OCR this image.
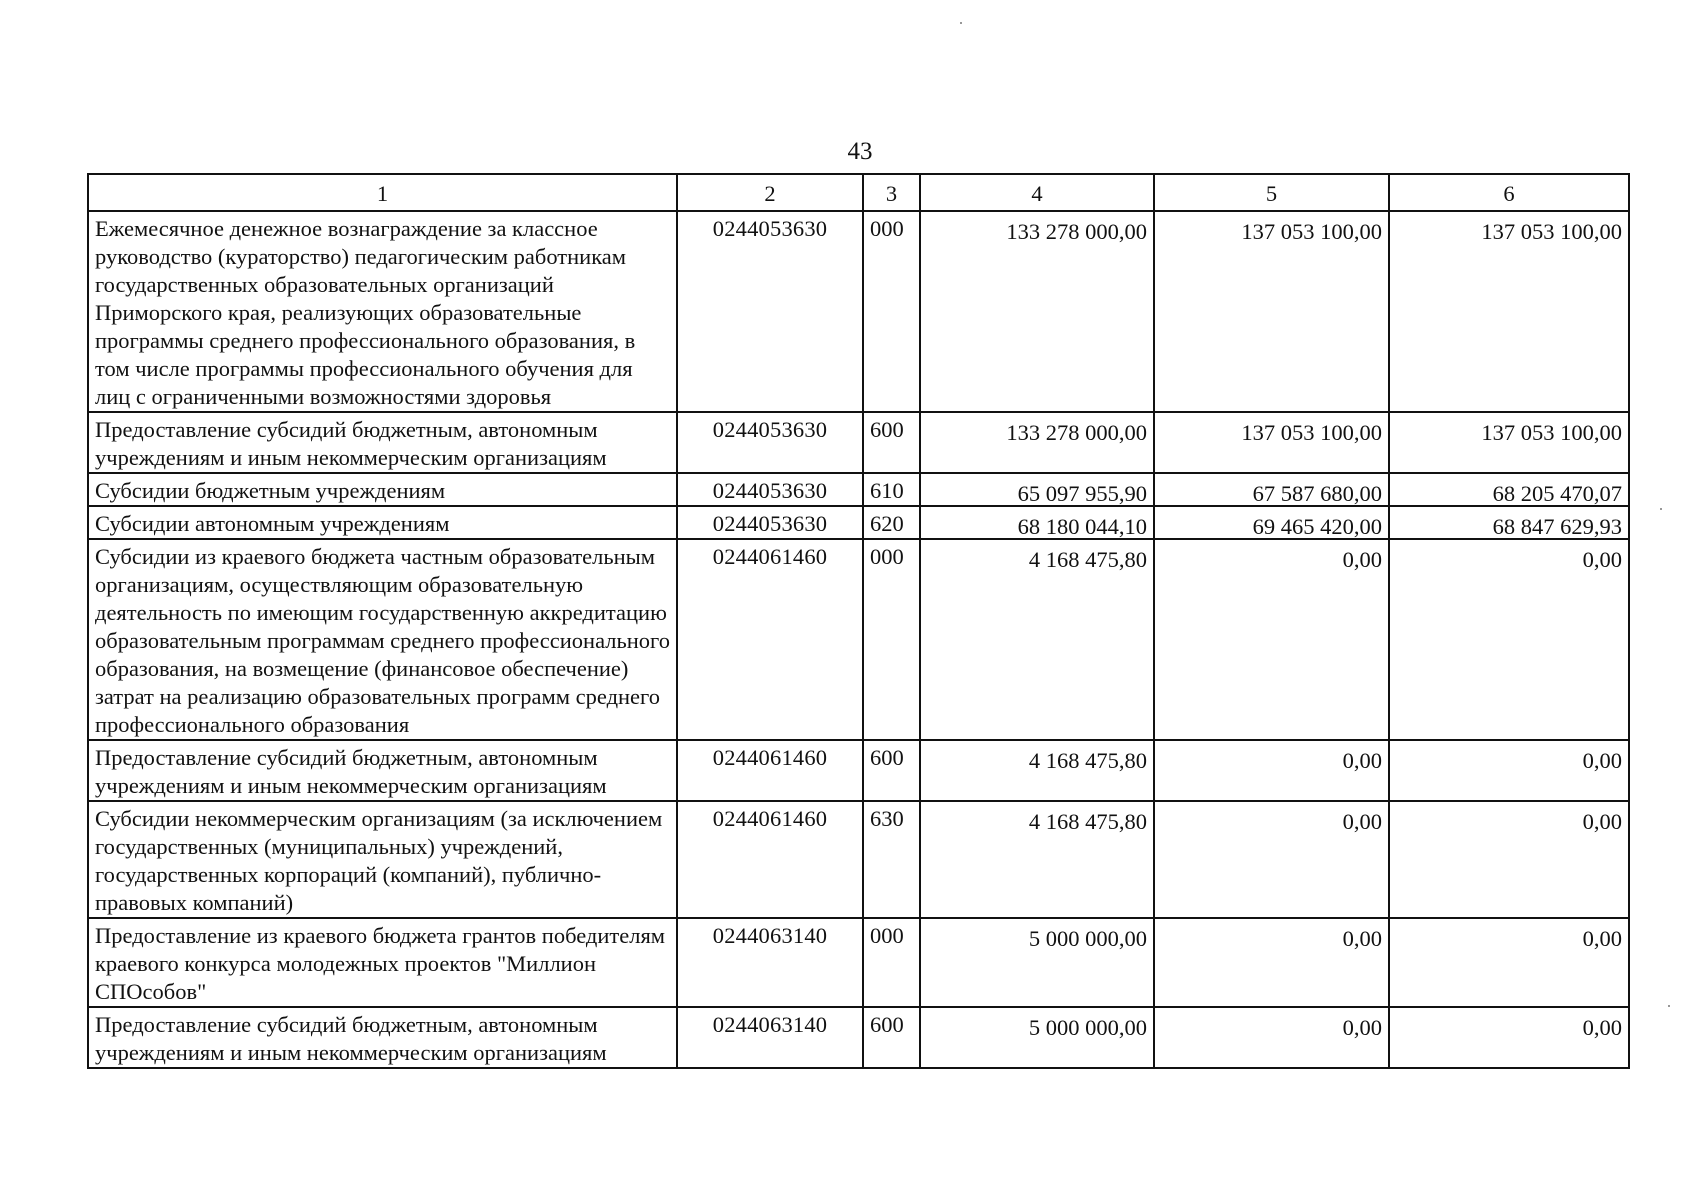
43
1	2	3	4	5	6
Ежемесячное денежное вознаграждение за классное руководство (кураторство) педагогическим работникам государственных образовательных организаций Приморского края, реализующих образовательные программы среднего профессионального образования, в том числе программы профессионального обучения для лиц с ограниченными возможностями здоровья	0244053630	000	133 278 000,00	137 053 100,00	137 053 100,00
Предоставление субсидий бюджетным, автономным учреждениям и иным некоммерческим организациям	0244053630	600	133 278 000,00	137 053 100,00	137 053 100,00
Субсидии бюджетным учреждениям	0244053630	610	65 097 955,90	67 587 680,00	68 205 470,07
Субсидии автономным учреждениям	0244053630	620	68 180 044,10	69 465 420,00	68 847 629,93
Субсидии из краевого бюджета частным образовательным организациям, осуществляющим образовательную деятельность по имеющим государственную аккредитацию образовательным программам среднего профессионального образования, на возмещение (финансовое обеспечение) затрат на реализацию образовательных программ среднего профессионального образования	0244061460	000	4 168 475,80	0,00	0,00
Предоставление субсидий бюджетным, автономным учреждениям и иным некоммерческим организациям	0244061460	600	4 168 475,80	0,00	0,00
Субсидии некоммерческим организациям (за исключением государственных (муниципальных) учреждений, государственных корпораций (компаний), публично-правовых компаний)	0244061460	630	4 168 475,80	0,00	0,00
Предоставление из краевого бюджета грантов победителям краевого конкурса молодежных проектов "Миллион СПОсобов"	0244063140	000	5 000 000,00	0,00	0,00
Предоставление субсидий бюджетным, автономным учреждениям и иным некоммерческим организациям	0244063140	600	5 000 000,00	0,00	0,00
